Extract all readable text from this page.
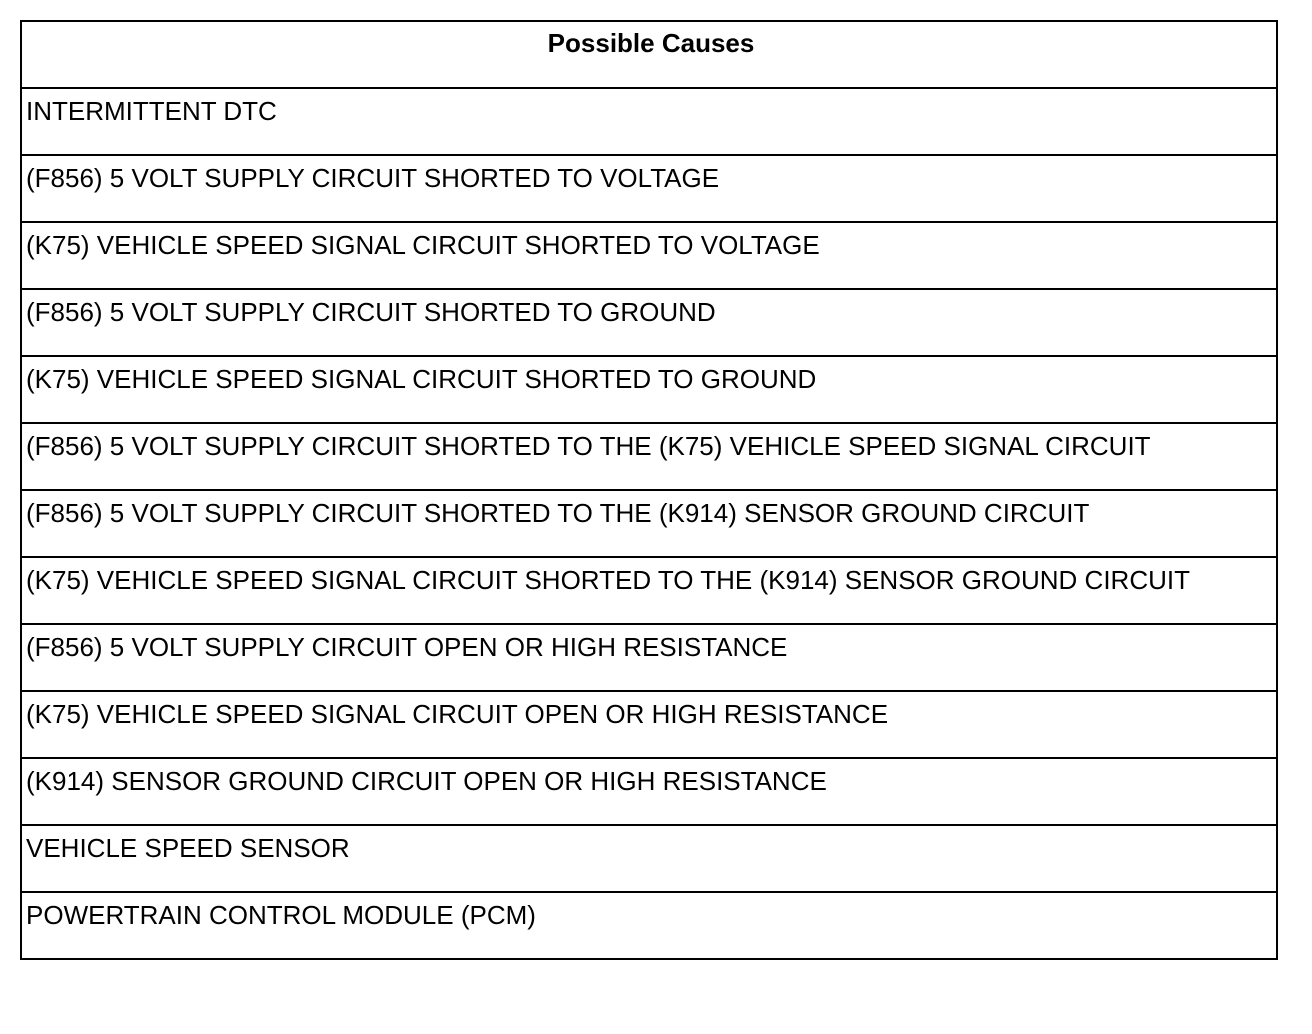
Possible Causes
INTERMITTENT DTC
(F856) 5 VOLT SUPPLY CIRCUIT SHORTED TO VOLTAGE
(K75) VEHICLE SPEED SIGNAL CIRCUIT SHORTED TO VOLTAGE
(F856) 5 VOLT SUPPLY CIRCUIT SHORTED TO GROUND
(K75) VEHICLE SPEED SIGNAL CIRCUIT SHORTED TO GROUND
(F856) 5 VOLT SUPPLY CIRCUIT SHORTED TO THE (K75) VEHICLE SPEED SIGNAL CIRCUIT
(F856) 5 VOLT SUPPLY CIRCUIT SHORTED TO THE (K914) SENSOR GROUND CIRCUIT
(K75) VEHICLE SPEED SIGNAL CIRCUIT SHORTED TO THE (K914) SENSOR GROUND CIRCUIT
(F856) 5 VOLT SUPPLY CIRCUIT OPEN OR HIGH RESISTANCE
(K75) VEHICLE SPEED SIGNAL CIRCUIT OPEN OR HIGH RESISTANCE
(K914) SENSOR GROUND CIRCUIT OPEN OR HIGH RESISTANCE
VEHICLE SPEED SENSOR
POWERTRAIN CONTROL MODULE (PCM)
